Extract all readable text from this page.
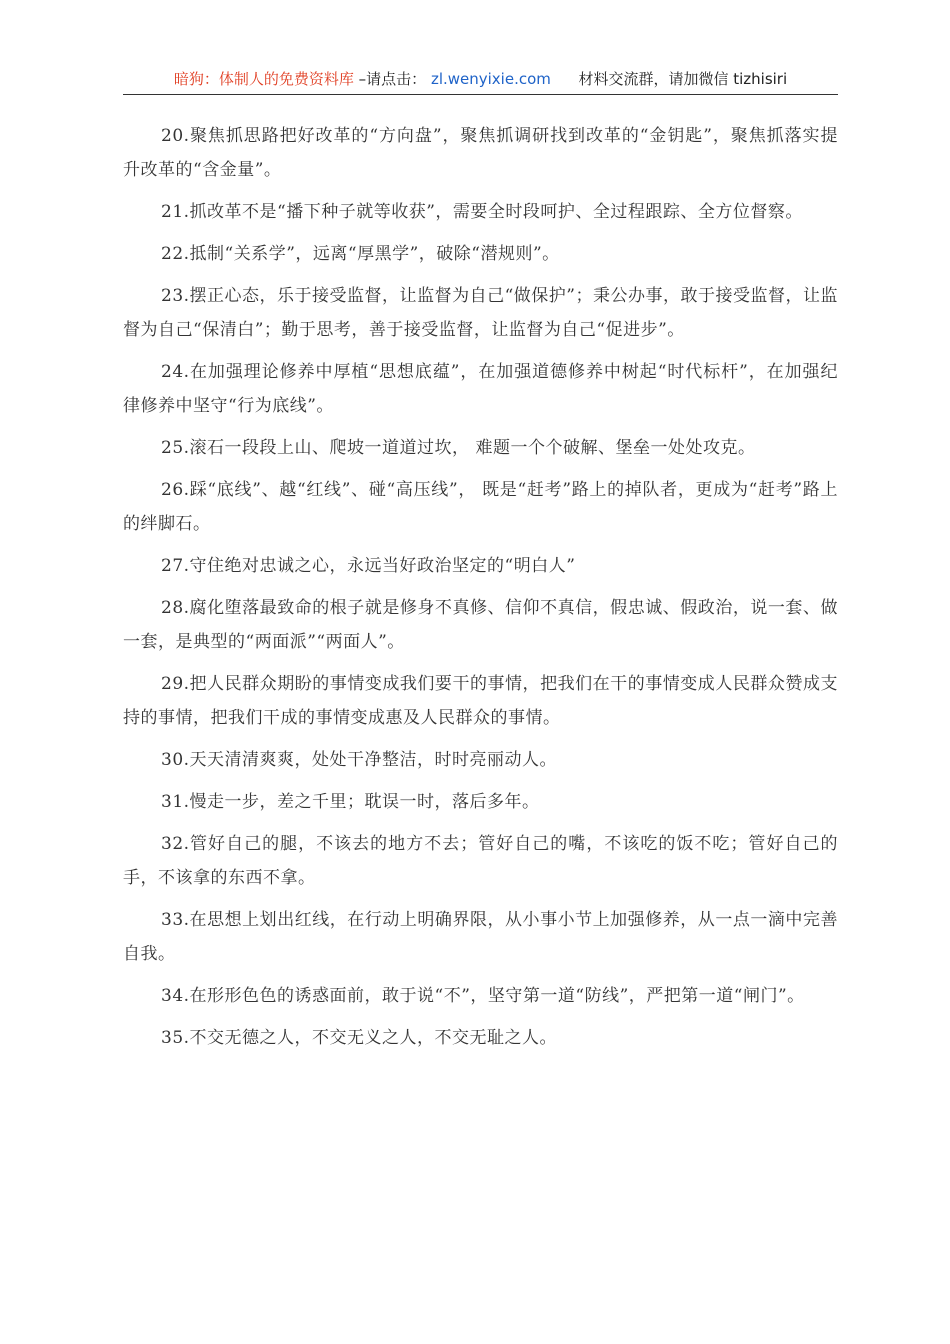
暗狗：体制人的免费资料库 –请点击： zl.wenyixie.com 材料交流群，请加微信 tizhisiri

20.聚焦抓思路把好改革的“方向盘”，聚焦抓调研找到改革的“金钥匙”，聚焦抓落实提升改革的“含金量”。

21.抓改革不是“播下种子就等收获”，需要全时段呵护、全过程跟踪、全方位督察。

22.抵制“关系学”，远离“厚黑学”，破除“潜规则”。

23.摆正心态，乐于接受监督，让监督为自己“做保护”；秉公办事，敢于接受监督，让监督为自己“保清白”；勤于思考，善于接受监督，让监督为自己“促进步”。

24.在加强理论修养中厚植“思想底蕴”，在加强道德修养中树起“时代标杆”，在加强纪律修养中坚守“行为底线”。

25.滚石一段段上山、爬坡一道道过坎， 难题一个个破解、堡垒一处处攻克。

26.踩“底线”、越“红线”、碰“高压线”， 既是“赶考”路上的掉队者，更成为“赶考”路上的绊脚石。

27.守住绝对忠诚之心，永远当好政治坚定的“明白人”

28.腐化堕落最致命的根子就是修身不真修、信仰不真信，假忠诚、假政治，说一套、做一套，是典型的“两面派”“两面人”。

29.把人民群众期盼的事情变成我们要干的事情，把我们在干的事情变成人民群众赞成支持的事情，把我们干成的事情变成惠及人民群众的事情。

30.天天清清爽爽，处处干净整洁，时时亮丽动人。

31.慢走一步，差之千里；耽误一时，落后多年。

32.管好自己的腿，不该去的地方不去；管好自己的嘴，不该吃的饭不吃；管好自己的手，不该拿的东西不拿。

33.在思想上划出红线，在行动上明确界限，从小事小节上加强修养，从一点一滴中完善自我。

34.在形形色色的诱惑面前，敢于说“不”，坚守第一道“防线”，严把第一道“闸门”。

35.不交无德之人，不交无义之人，不交无耻之人。
